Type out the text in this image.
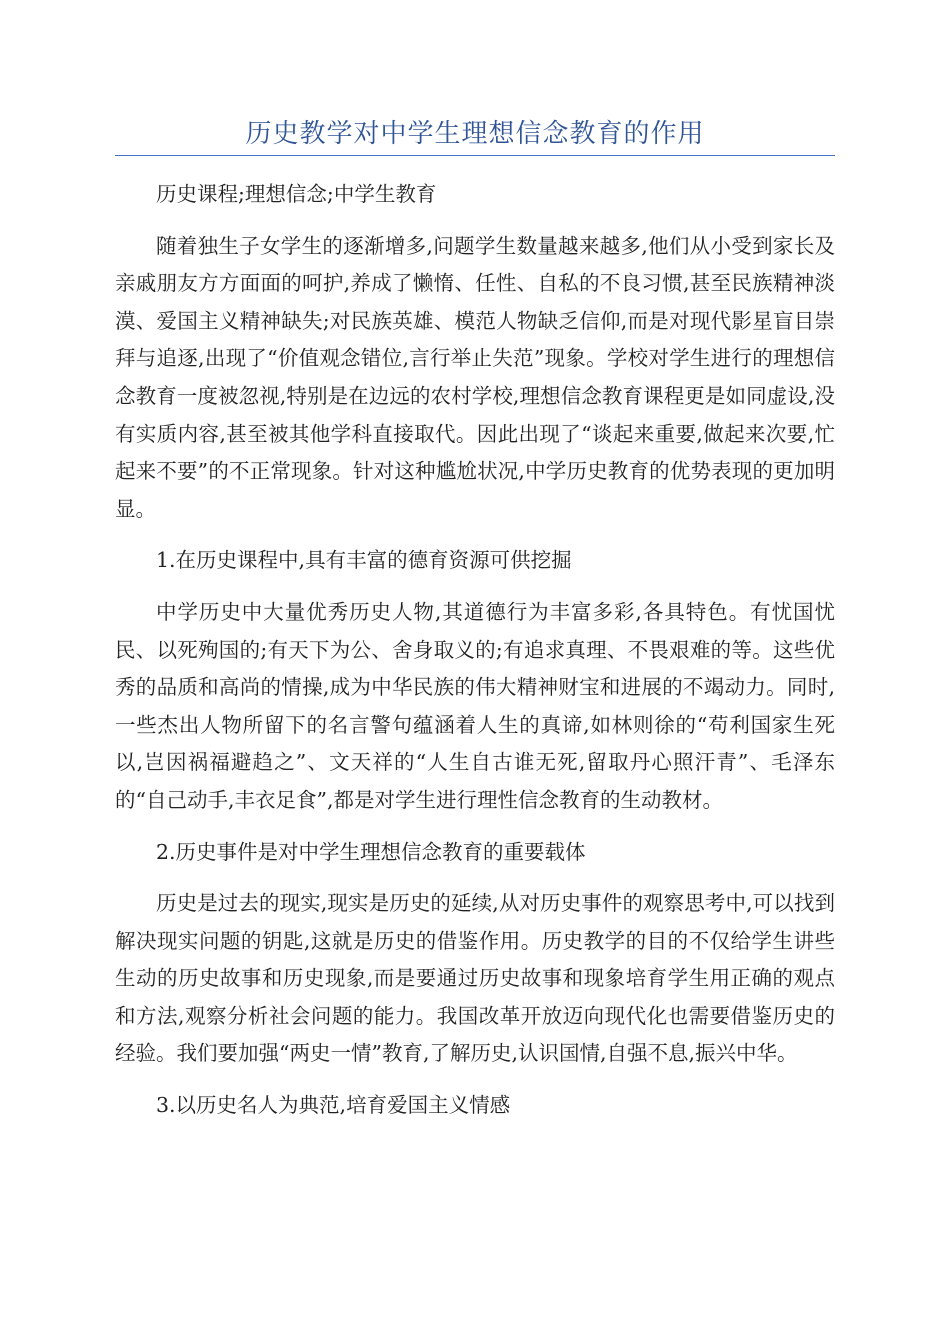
历史教学对中学生理想信念教育的作用

历史课程;理想信念;中学生教育

随着独生子女学生的逐渐增多,问题学生数量越来越多,他们从小受到家长及亲戚朋友方方面面的呵护,养成了懒惰、任性、自私的不良习惯,甚至民族精神淡漠、爱国主义精神缺失;对民族英雄、模范人物缺乏信仰,而是对现代影星盲目崇拜与追逐,出现了“价值观念错位,言行举止失范”现象。学校对学生进行的理想信念教育一度被忽视,特别是在边远的农村学校,理想信念教育课程更是如同虚设,没有实质内容,甚至被其他学科直接取代。因此出现了“谈起来重要,做起来次要,忙起来不要”的不正常现象。针对这种尴尬状况,中学历史教育的优势表现的更加明显。

1.在历史课程中,具有丰富的德育资源可供挖掘

中学历史中大量优秀历史人物,其道德行为丰富多彩,各具特色。有忧国忧民、以死殉国的;有天下为公、舍身取义的;有追求真理、不畏艰难的等。这些优秀的品质和高尚的情操,成为中华民族的伟大精神财宝和进展的不竭动力。同时,一些杰出人物所留下的名言警句蕴涵着人生的真谛,如林则徐的“苟利国家生死以,岂因祸福避趋之”、文天祥的“人生自古谁无死,留取丹心照汗青”、毛泽东的“自己动手,丰衣足食”,都是对学生进行理性信念教育的生动教材。

2.历史事件是对中学生理想信念教育的重要载体

历史是过去的现实,现实是历史的延续,从对历史事件的观察思考中,可以找到解决现实问题的钥匙,这就是历史的借鉴作用。历史教学的目的不仅给学生讲些生动的历史故事和历史现象,而是要通过历史故事和现象培育学生用正确的观点和方法,观察分析社会问题的能力。我国改革开放迈向现代化也需要借鉴历史的经验。我们要加强“两史一情”教育,了解历史,认识国情,自强不息,振兴中华。

3.以历史名人为典范,培育爱国主义情感
